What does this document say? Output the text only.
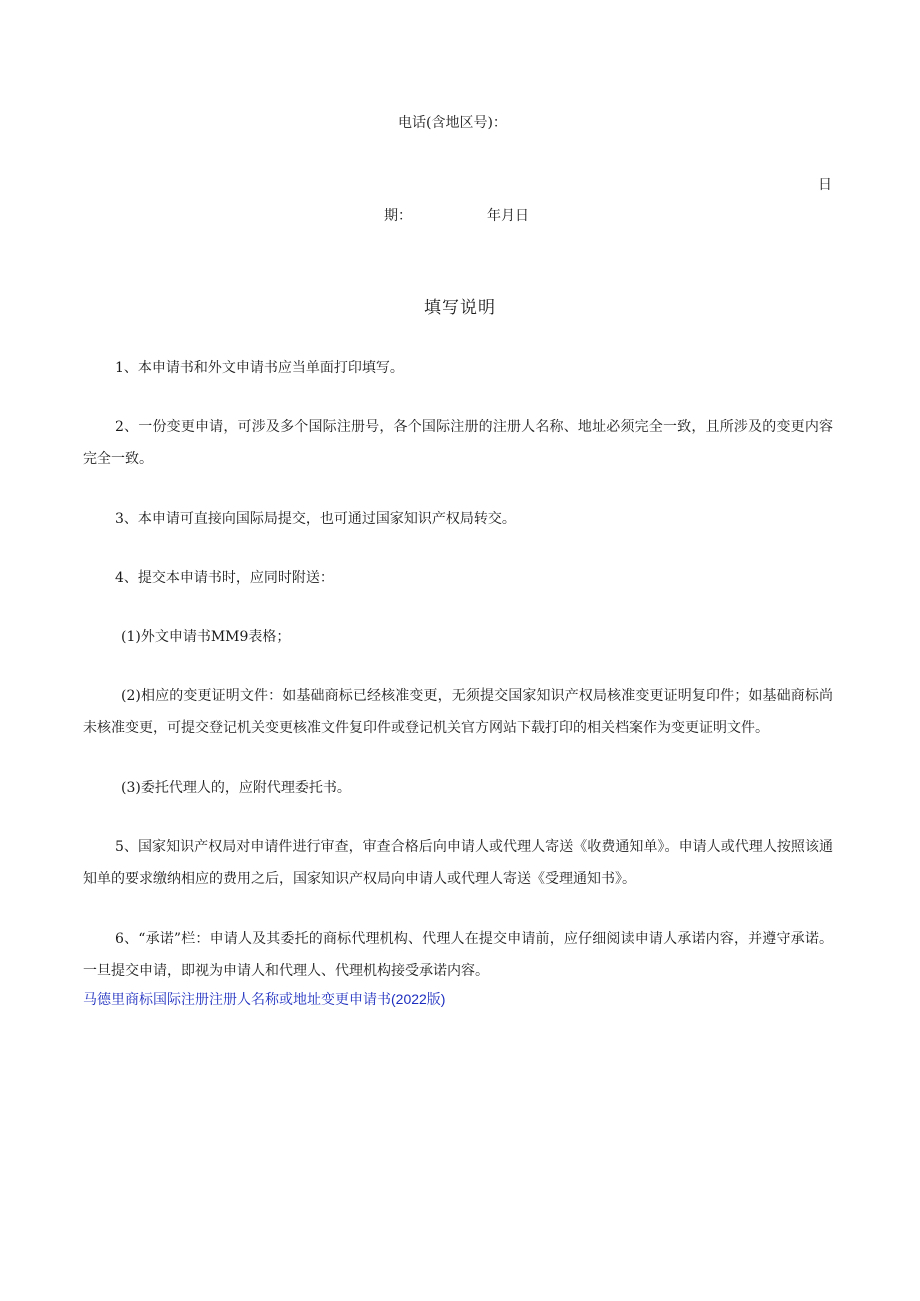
电话(含地区号)：
日
期：	年月日
填写说明
1、本申请书和外文申请书应当单面打印填写。
2、一份变更申请，可涉及多个国际注册号，各个国际注册的注册人名称、地址必须完全一致，且所涉及的变更内容完全一致。
3、本申请可直接向国际局提交，也可通过国家知识产权局转交。
4、提交本申请书时，应同时附送：
(1)外文申请书MM9表格；
(2)相应的变更证明文件：如基础商标已经核准变更，无须提交国家知识产权局核准变更证明复印件；如基础商标尚未核准变更，可提交登记机关变更核准文件复印件或登记机关官方网站下载打印的相关档案作为变更证明文件。
(3)委托代理人的，应附代理委托书。
5、国家知识产权局对申请件进行审查，审查合格后向申请人或代理人寄送《收费通知单》。申请人或代理人按照该通知单的要求缴纳相应的费用之后，国家知识产权局向申请人或代理人寄送《受理通知书》。
6、“承诺”栏：申请人及其委托的商标代理机构、代理人在提交申请前，应仔细阅读申请人承诺内容，并遵守承诺。一旦提交申请，即视为申请人和代理人、代理机构接受承诺内容。
马德里商标国际注册注册人名称或地址变更申请书(2022版)
